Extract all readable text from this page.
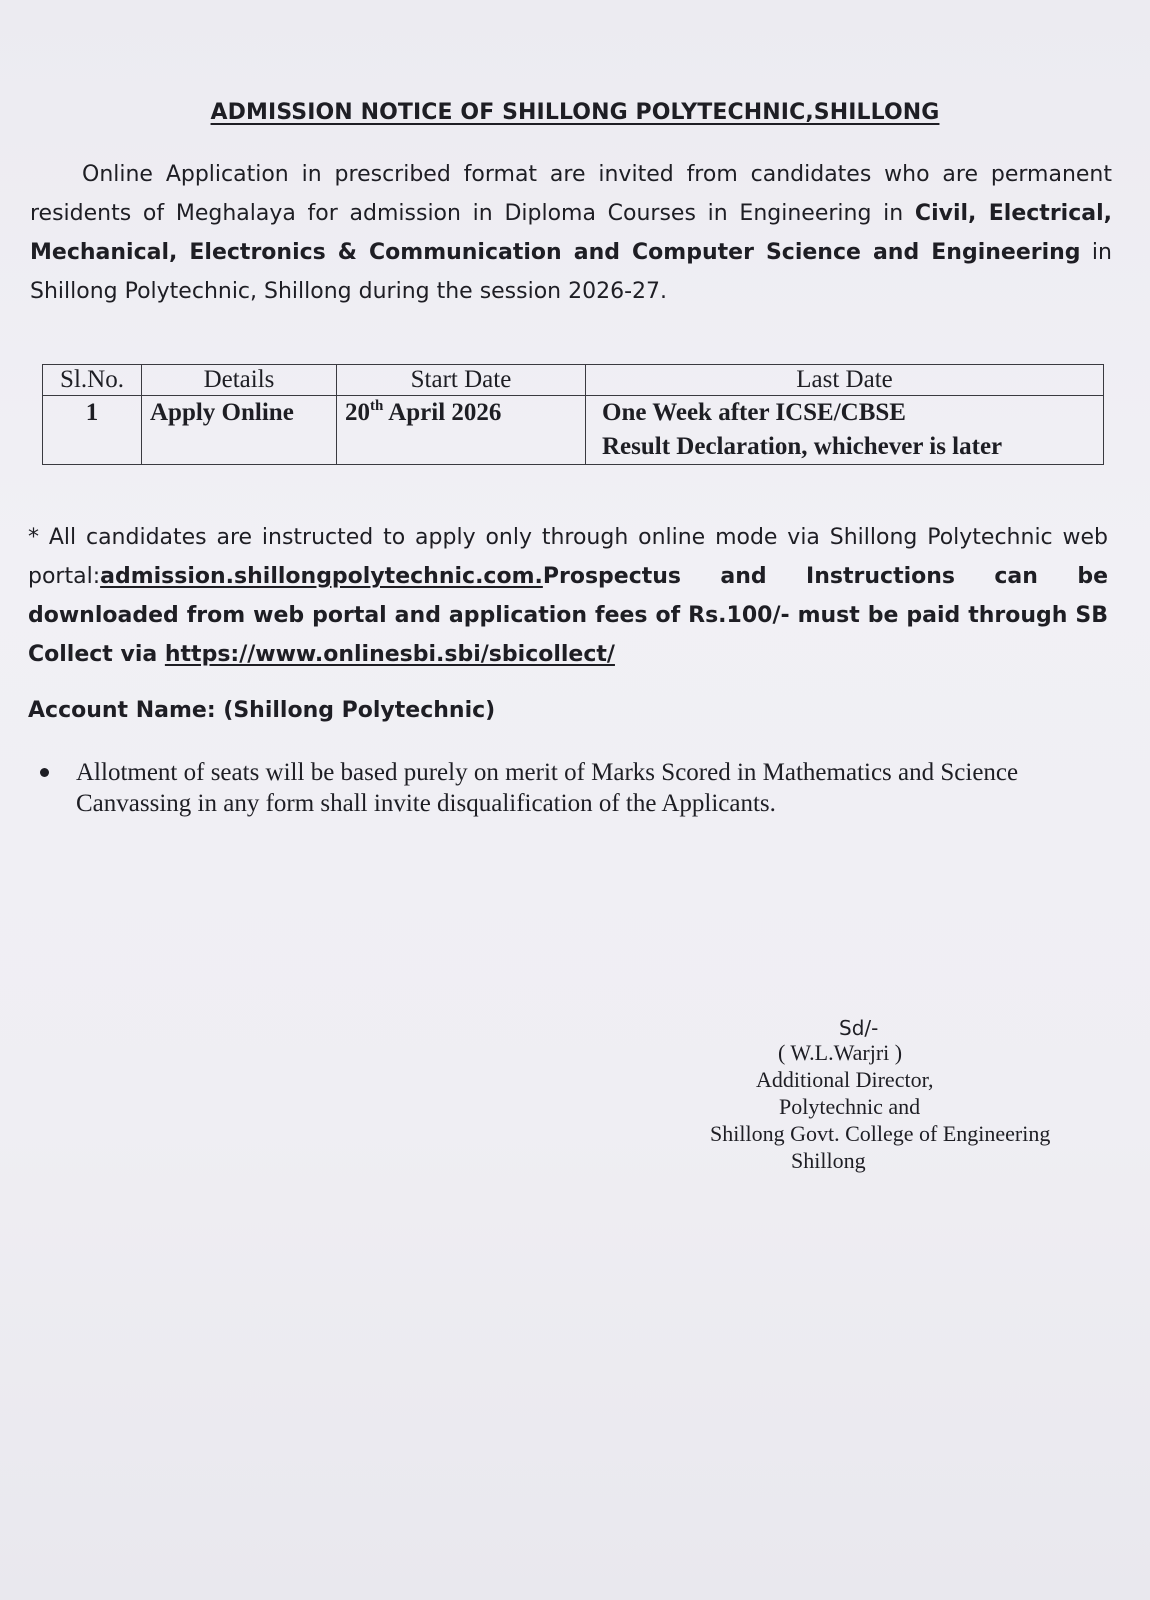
ADMISSION NOTICE OF SHILLONG POLYTECHNIC,SHILLONG

Online Application in prescribed format are invited from candidates who are permanent residents of Meghalaya for admission in Diploma Courses in Engineering in Civil, Electrical, Mechanical, Electronics & Communication and Computer Science and Engineering in Shillong Polytechnic, Shillong during the session 2026-27.

Sl.No.	Details	Start Date	Last Date
1	Apply Online	20th April 2026	One Week after ICSE/CBSE
Result Declaration, whichever is later

* All candidates are instructed to apply only through online mode via Shillong Polytechnic web portal:admission.shillongpolytechnic.com.Prospectus and Instructions can be downloaded from web portal and application fees of Rs.100/- must be paid through SB Collect via https://www.onlinesbi.sbi/sbicollect/

Account Name: (Shillong Polytechnic)
Allotment of seats will be based purely on merit of Marks Scored in Mathematics and Science
Canvassing in any form shall invite disqualification of the Applicants.
Sd/-
( W.L.Warjri )
Additional Director,
Polytechnic and
Shillong Govt. College of Engineering
Shillong
